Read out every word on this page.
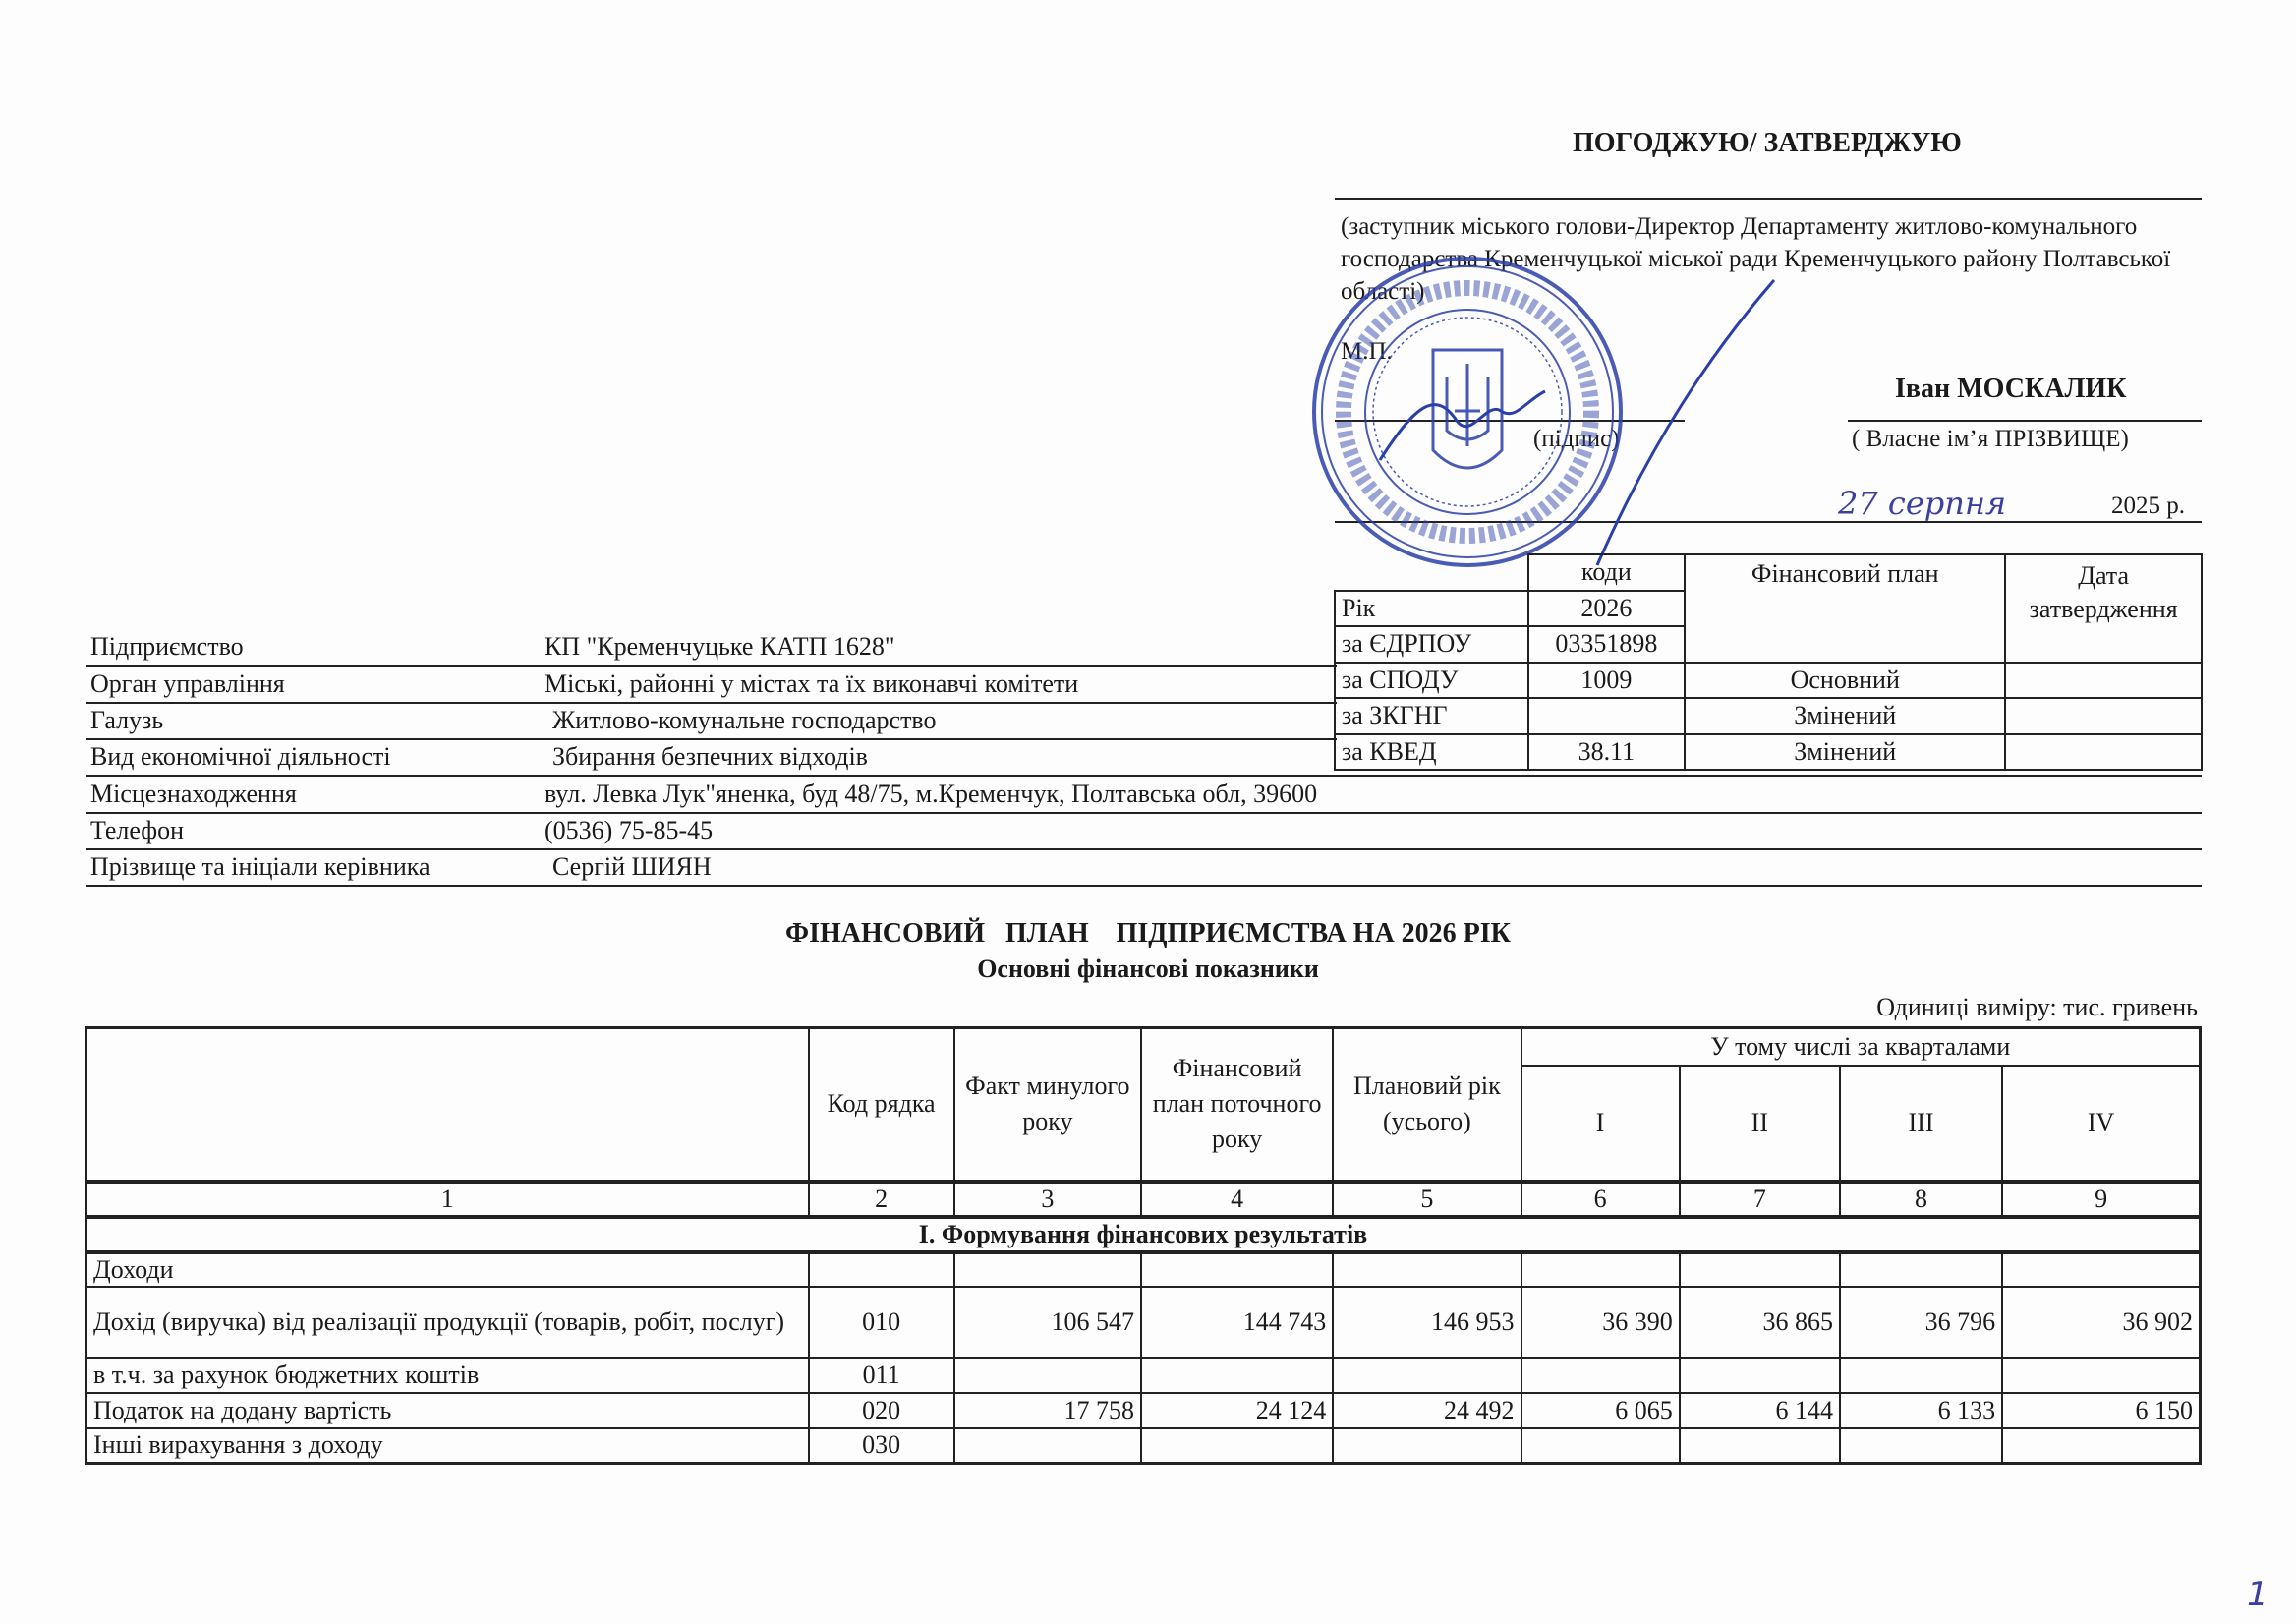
ПОГОДЖУЮ/ ЗАТВЕРДЖУЮ
(заступник міського голови-Директор Департаменту житлово-комунального господарства Кременчуцької міської ради Кременчуцького району Полтавської області)
М.П.
Іван МОСКАЛИК
(підпис)	( Власне ім’я ПРІЗВИЩЕ)
27 серпня	2025 р.
Підприємство	КП "Кременчуцьке КАТП 1628"
Орган управління	Міські, районні у містах та їх виконавчі комітети
Галузь	Житлово-комунальне господарство
Вид економічної діяльності	Збирання безпечних відходів
Місцезнаходження	вул. Левка Лук"яненка, буд 48/75, м.Кременчук, Полтавська обл, 39600
Телефон	(0536) 75-85-45
Прізвище та ініціали керівника	Сергій ШИЯН
	коди	Фінансовий план	Дата затвердження
Рік	2026		
за ЄДРПОУ	03351898		
за СПОДУ	1009	Основний	
за ЗКГНГ		Змінений	
за КВЕД	38.11	Змінений	
ФІНАНСОВИЙ   ПЛАН    ПІДПРИЄМСТВА НА 2026 РІК
Основні фінансові показники
Одиниці виміру: тис. гривень
	Код рядка	Факт минулого року	Фінансовий план поточного року	Плановий рік (усього)	У тому числі за кварталами			
					I	II	III	IV
1	2	3	4	5	6	7	8	9
I. Формування фінансових результатів								
Доходи								
Дохід (виручка) від реалізації продукції (товарів, робіт, послуг)	010	106 547	144 743	146 953	36 390	36 865	36 796	36 902
в т.ч. за рахунок бюджетних коштів	011							
Податок на додану вартість	020	17 758	24 124	24 492	6 065	6 144	6 133	6 150
Інші вирахування з доходу	030							
1
